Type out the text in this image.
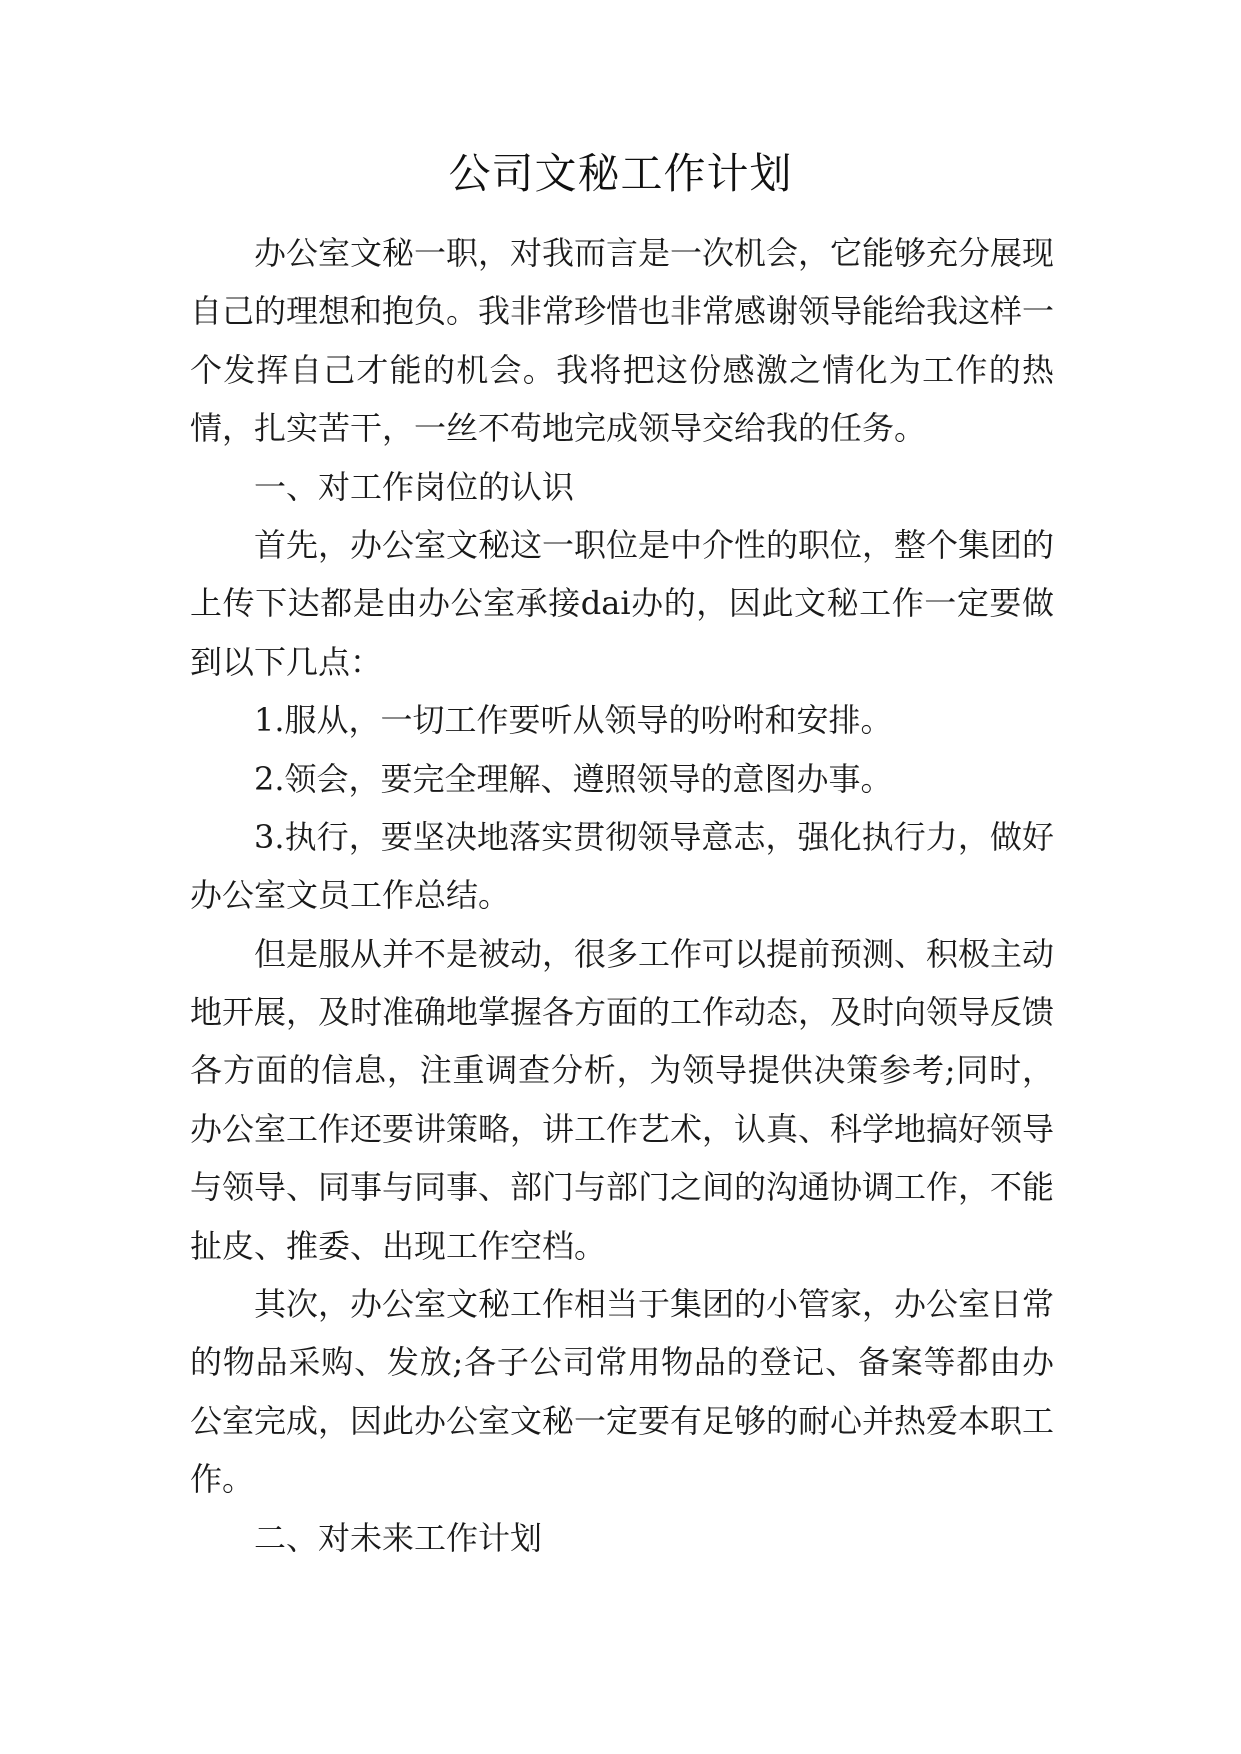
公司文秘工作计划

办公室文秘一职，对我而言是一次机会，它能够充分展现自己的理想和抱负。我非常珍惜也非常感谢领导能给我这样一个发挥自己才能的机会。我将把这份感激之情化为工作的热情，扎实苦干，一丝不苟地完成领导交给我的任务。

一、对工作岗位的认识

首先，办公室文秘这一职位是中介性的职位，整个集团的上传下达都是由办公室承接dai办的，因此文秘工作一定要做到以下几点：

1.服从，一切工作要听从领导的吩咐和安排。

2.领会，要完全理解、遵照领导的意图办事。

3.执行，要坚决地落实贯彻领导意志，强化执行力，做好办公室文员工作总结。

但是服从并不是被动，很多工作可以提前预测、积极主动地开展，及时准确地掌握各方面的工作动态，及时向领导反馈各方面的信息，注重调查分析，为领导提供决策参考;同时，办公室工作还要讲策略，讲工作艺术，认真、科学地搞好领导与领导、同事与同事、部门与部门之间的沟通协调工作，不能扯皮、推委、出现工作空档。

其次，办公室文秘工作相当于集团的小管家，办公室日常的物品采购、发放;各子公司常用物品的登记、备案等都由办公室完成，因此办公室文秘一定要有足够的耐心并热爱本职工作。

二、对未来工作计划
